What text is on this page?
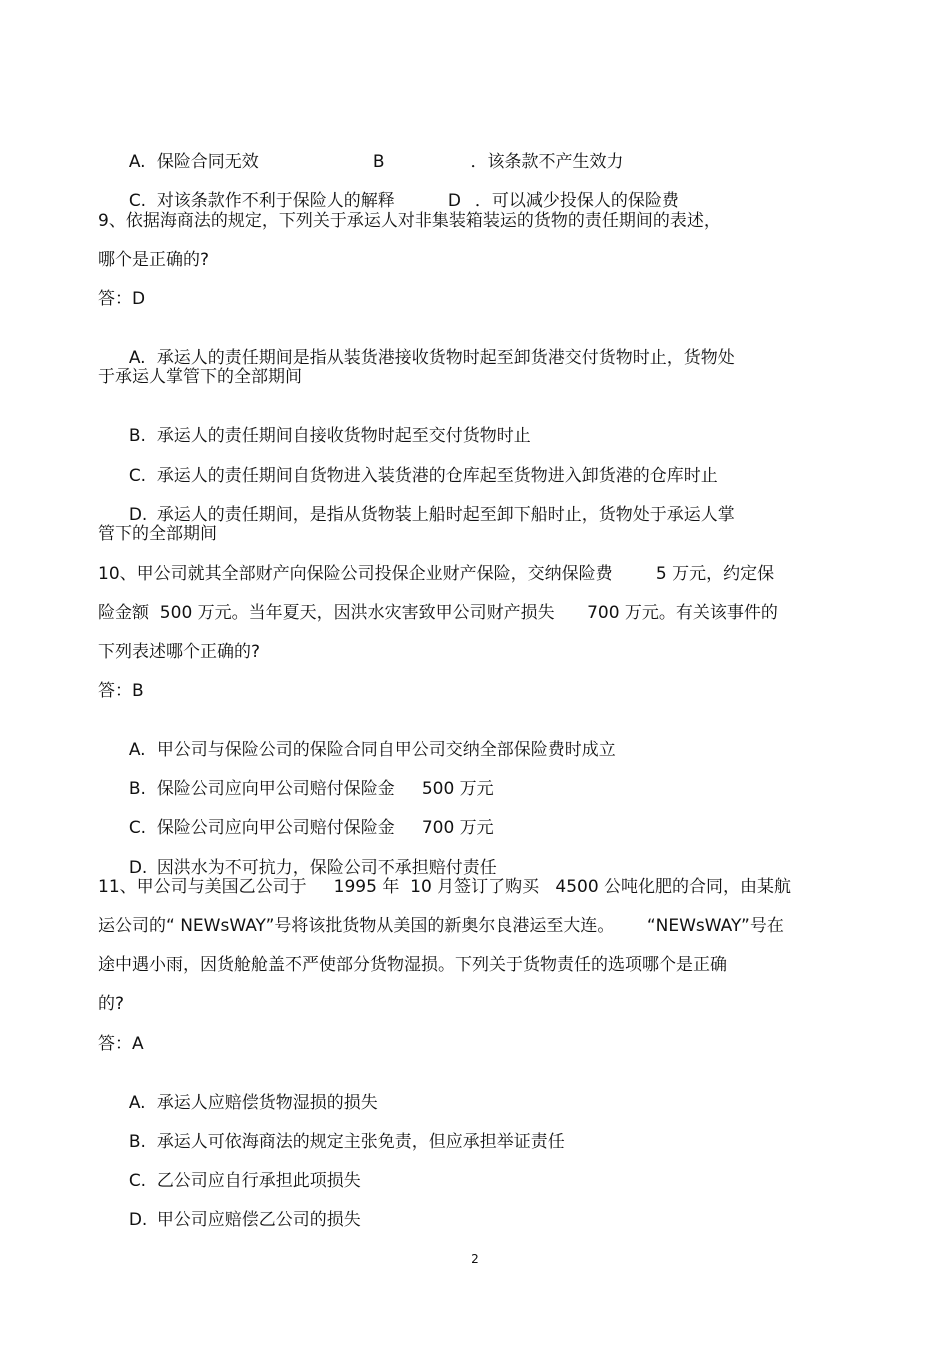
A. 保险合同无效	B	．该条款不产生效力

C. 对该条款作不利于保险人的解释	D ．可以减少投保人的保险费

9、依据海商法的规定，下列关于承运人对非集装箱装运的货物的责任期间的表述，
哪个是正确的?
答：D

A. 承运人的责任期间是指从装货港接收货物时起至卸货港交付货物时止，货物处

于承运人掌管下的全部期间

B. 承运人的责任期间自接收货物时起至交付货物时止

C. 承运人的责任期间自货物进入装货港的仓库起至货物进入卸货港的仓库时止

D. 承运人的责任期间，是指从货物装上船时起至卸下船时止，货物处于承运人掌

管下的全部期间
10、甲公司就其全部财产向保险公司投保企业财产保险，交纳保险费        5 万元，约定保
险金额  500 万元。当年夏天，因洪水灾害致甲公司财产损失      700 万元。有关该事件的
下列表述哪个正确的?
答：B

A. 甲公司与保险公司的保险合同自甲公司交纳全部保险费时成立

B. 保险公司应向甲公司赔付保险金     500 万元

C. 保险公司应向甲公司赔付保险金     700 万元

D. 因洪水为不可抗力，保险公司不承担赔付责任

11、甲公司与美国乙公司于     1995 年  10 月签订了购买   4500 公吨化肥的合同，由某航
运公司的“ NEWsWAY”号将该批货物从美国的新奥尔良港运至大连。      “NEWsWAY”号在
途中遇小雨，因货舱舱盖不严使部分货物湿损。下列关于货物责任的选项哪个是正确
的?
答：A

A. 承运人应赔偿货物湿损的损失

B. 承运人可依海商法的规定主张免责，但应承担举证责任

C. 乙公司应自行承担此项损失

D. 甲公司应赔偿乙公司的损失

2
